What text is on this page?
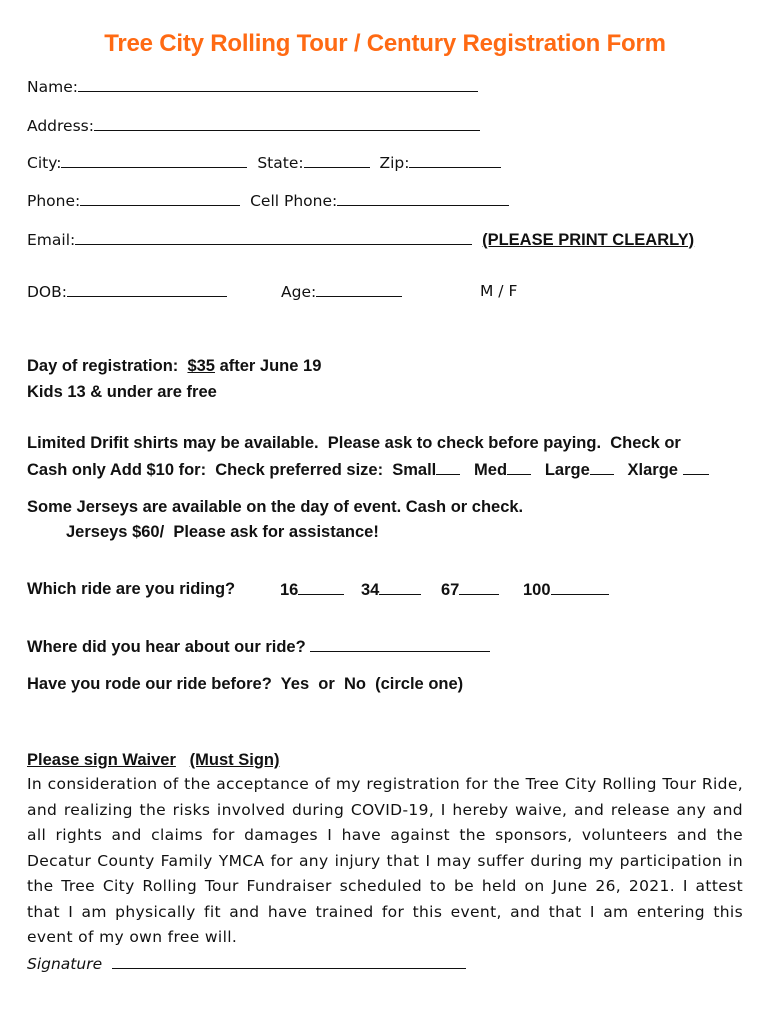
Tree City Rolling Tour / Century Registration Form
Name:
Address:
City:	State:	Zip:
Phone:	Cell Phone:
Email:	(PLEASE PRINT CLEARLY)
DOB:	Age:	M / F
Day of registration: $35 after June 19
Kids 13 & under are free
Limited Drifit shirts may be available.  Please ask to check before paying.  Check or
Cash only Add $10 for:  Check preferred size: Small Med Large Xlarge
Some Jerseys are available on the day of event. Cash or check.
Jerseys $60/  Please ask for assistance!
Which ride are you riding?	16	34	67	100
Where did you hear about our ride?
Have you rode our ride before?  Yes  or  No  (circle one)
Please sign Waiver (Must Sign)
In consideration of the acceptance of my registration for the Tree City Rolling Tour Ride, and realizing the risks involved during COVID-19, I hereby waive, and release any and all rights and claims for damages I have against the sponsors, volunteers and the Decatur County Family YMCA for any injury that I may suffer during my participation in the Tree City Rolling Tour Fundraiser scheduled to be held on June 26, 2021. I attest that I am physically fit and have trained for this event, and that I am entering this event of my own free will.
Signature
